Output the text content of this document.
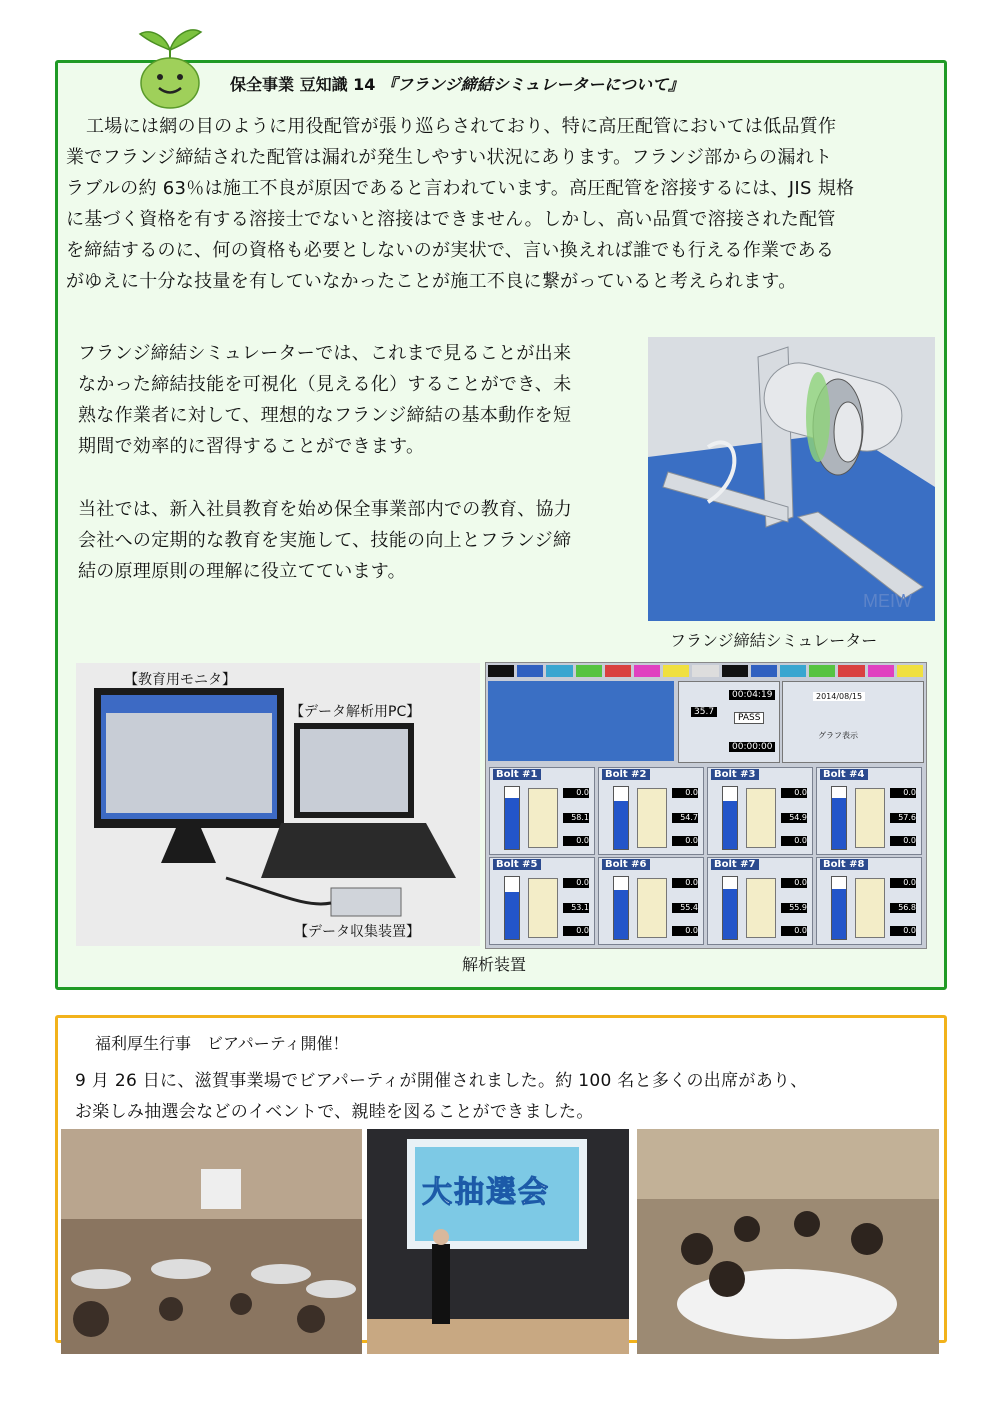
保全事業 豆知識 14 『フランジ締結シミュレーターについて』
工場には網の目のように用役配管が張り巡らされており、特に高圧配管においては低品質作
業でフランジ締結された配管は漏れが発生しやすい状況にあります。フランジ部からの漏れト
ラブルの約 63％は施工不良が原因であると言われています。高圧配管を溶接するには、JIS 規格
に基づく資格を有する溶接士でないと溶接はできません。しかし、高い品質で溶接された配管
を締結するのに、何の資格も必要としないのが実状で、言い換えれば誰でも行える作業である
がゆえに十分な技量を有していなかったことが施工不良に繋がっていると考えられます。
フランジ締結シミュレーターでは、これまで見ることが出来
なかった締結技能を可視化（見える化）することができ、未
熟な作業者に対して、理想的なフランジ締結の基本動作を短
期間で効率的に習得することができます。
当社では、新入社員教育を始め保全事業部内での教育、協力
会社への定期的な教育を実施して、技能の向上とフランジ締
結の原理原則の理解に役立てています。
MEIW
フランジ締結シミュレーター
【教育用モニタ】
【データ解析用PC】
【データ収集装置】
00:04:19
35.7
PASS
00:00:00
2014/08/15
グラフ表示
Bolt #1
0.0
58.1
0.0
Bolt #2
0.0
54.7
0.0
Bolt #3
0.0
54.9
0.0
Bolt #4
0.0
57.6
0.0
Bolt #5
0.0
53.1
0.0
Bolt #6
0.0
55.4
0.0
Bolt #7
0.0
55.9
0.0
Bolt #8
0.0
56.8
0.0
解析装置
福利厚生行事　ビアパーティ開催！
9 月 26 日に、滋賀事業場でビアパーティが開催されました。約 100 名と多くの出席があり、
お楽しみ抽選会などのイベントで、親睦を図ることができました。
大抽選会
